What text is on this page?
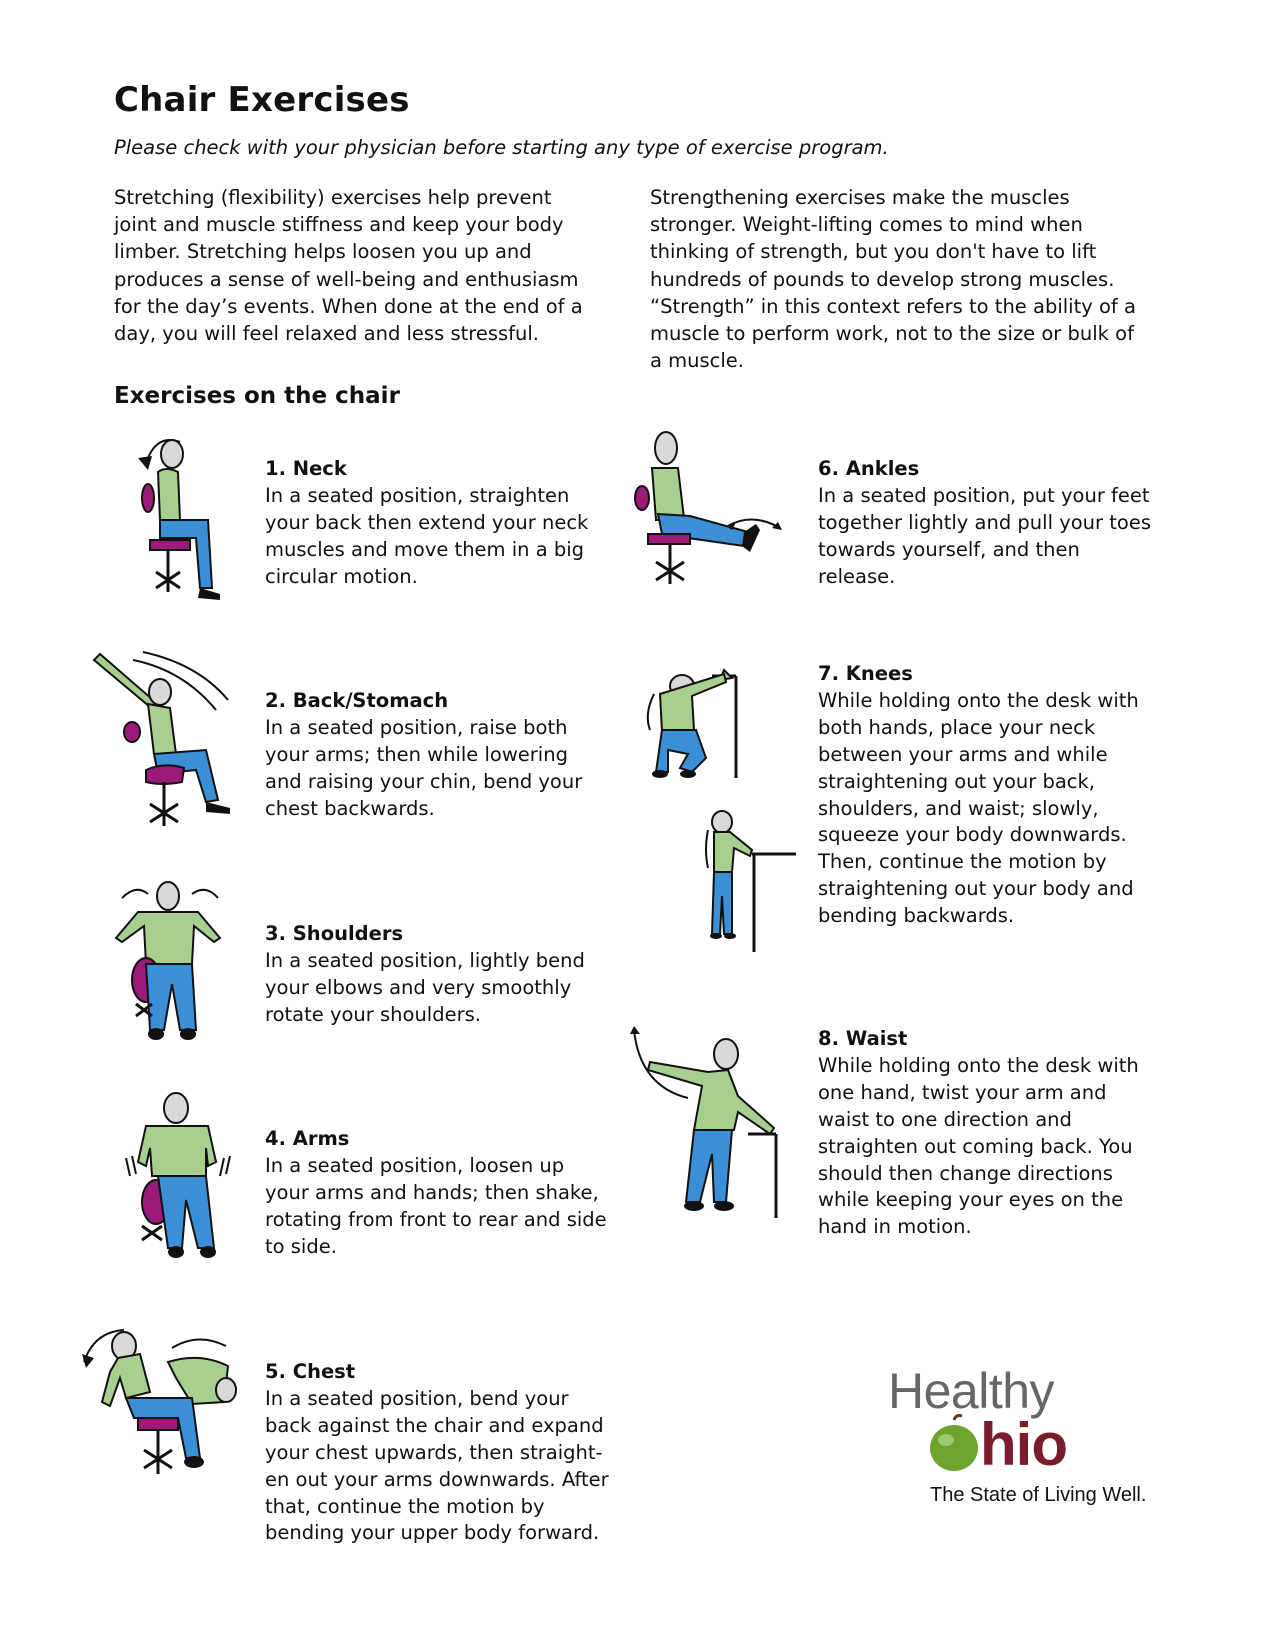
Chair Exercises
Please check with your physician before starting any type of exercise program.
Stretching (flexibility) exercises help prevent joint and muscle stiffness and keep your body limber. Stretching helps loosen you up and produces a sense of well-being and enthusiasm for the day’s events. When done at the end of a day, you will feel relaxed and less stressful.
Strengthening exercises make the muscles stronger. Weight-lifting comes to mind when thinking of strength, but you don't have to lift hundreds of pounds to develop strong muscles. “Strength” in this context refers to the ability of a muscle to perform work, not to the size or bulk of a muscle.
Exercises on the chair
1. Neck
In a seated position, straighten your back then extend your neck muscles and move them in a big circular motion.
2. Back/Stomach
In a seated position, raise both your arms; then while lowering and raising your chin, bend your chest backwards.
3. Shoulders
In a seated position, lightly bend your elbows and very smoothly rotate your shoulders.
4. Arms
In a seated position, loosen up your arms and hands; then shake, rotating from front to rear and side to side.
5. Chest
In a seated position, bend your back against the chair and expand your chest upwards, then straight-en out your arms downwards. After that, continue the motion by bending your upper body forward.
6. Ankles
In a seated position, put your feet together lightly and pull your toes towards yourself, and then release.
7. Knees
While holding onto the desk with both hands, place your neck between your arms and while straightening out your back, shoulders, and waist; slowly, squeeze your body downwards. Then, continue the motion by straightening out your body and bending backwards.
8. Waist
While holding onto the desk with one hand, twist your arm and waist to one direction and straighten out coming back. You should then change directions while keeping your eyes on the hand in motion.
Healthy
hio
The State of Living Well.
